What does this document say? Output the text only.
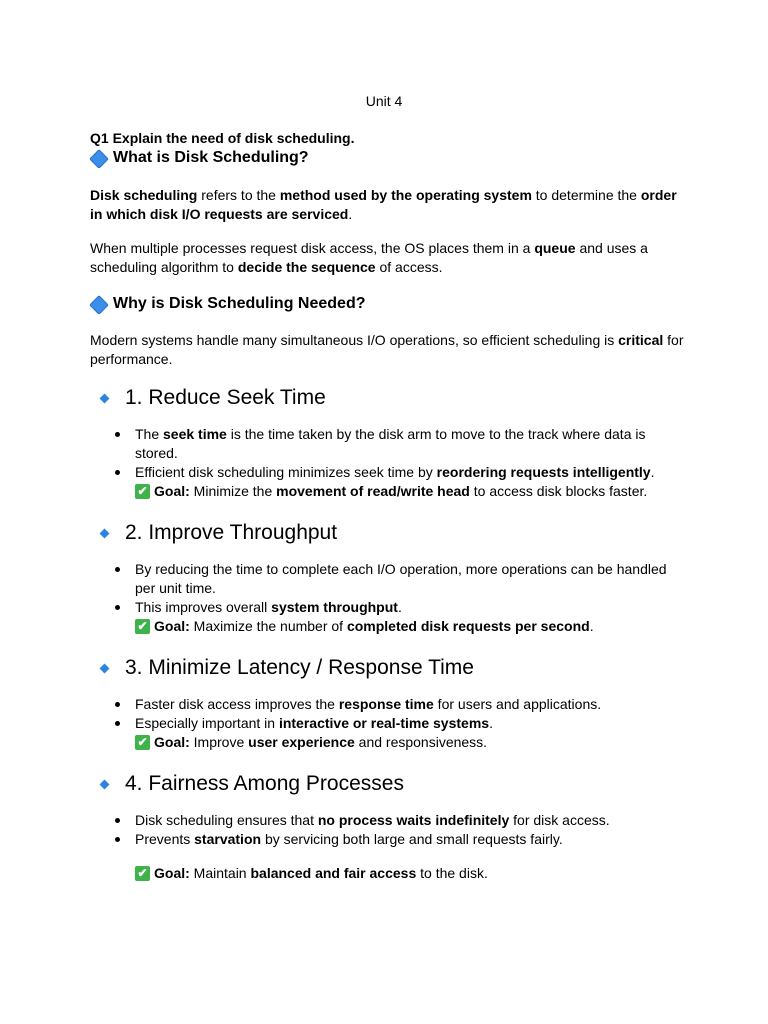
Unit 4

Q1 Explain the need of disk scheduling.

What is Disk Scheduling?

Disk scheduling refers to the method used by the operating system to determine the order in which disk I/O requests are serviced.

When multiple processes request disk access, the OS places them in a queue and uses a scheduling algorithm to decide the sequence of access.

Why is Disk Scheduling Needed?

Modern systems handle many simultaneous I/O operations, so efficient scheduling is critical for performance.

1. Reduce Seek Time
The seek time is the time taken by the disk arm to move to the track where data is stored.
Efficient disk scheduling minimizes seek time by reordering requests intelligently.
✔ Goal: Minimize the movement of read/write head to access disk blocks faster.
2. Improve Throughput
By reducing the time to complete each I/O operation, more operations can be handled per unit time.
This improves overall system throughput.
✔ Goal: Maximize the number of completed disk requests per second.
3. Minimize Latency / Response Time
Faster disk access improves the response time for users and applications.
Especially important in interactive or real-time systems.
✔ Goal: Improve user experience and responsiveness.
4. Fairness Among Processes
Disk scheduling ensures that no process waits indefinitely for disk access.
Prevents starvation by servicing both large and small requests fairly.
✔ Goal: Maintain balanced and fair access to the disk.
